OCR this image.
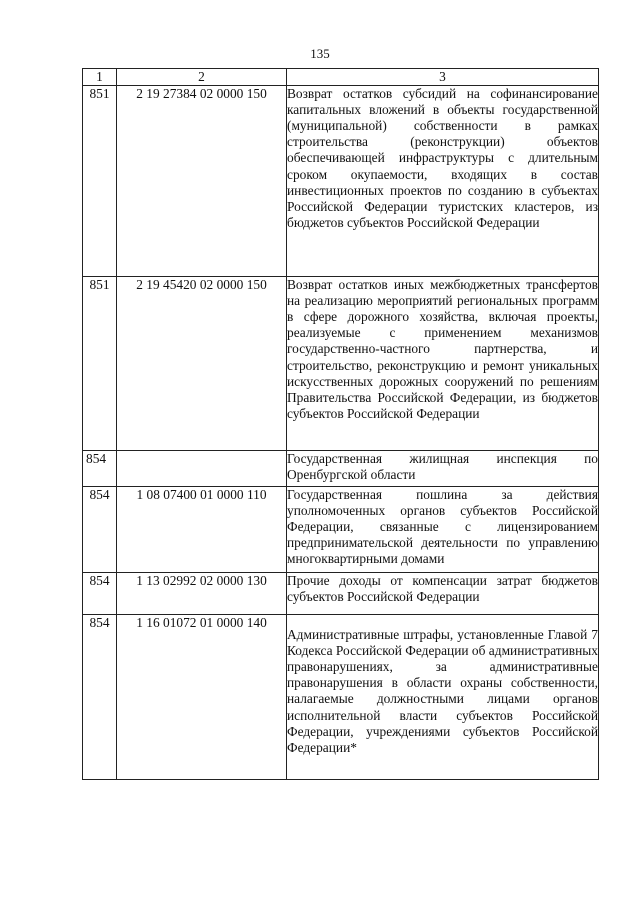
135
1	2	3
851	2 19 27384 02 0000 150	Возврат остатков субсидий на софинансирование капитальных вложений в объекты государственной (муниципальной) собственности в рамках строительства (реконструкции) объектов обеспечивающей инфраструктуры с длительным сроком окупаемости, входящих в состав инвестиционных проектов по созданию в субъектах Российской Федерации туристских кластеров, из бюджетов субъектов Российской Федерации

851	2 19 45420 02 0000 150	Возврат остатков иных межбюджетных трансфертов на реализацию мероприятий региональных программ в сфере дорожного хозяйства, включая проекты, реализуемые с применением механизмов государственно-частного партнерства, и строительство, реконструкцию и ремонт уникальных искусственных дорожных сооружений по решениям Правительства Российской Федерации, из бюджетов субъектов Российской Федерации

854		Государственная жилищная инспекция по Оренбургской области

854	1 08 07400 01 0000 110	Государственная пошлина за действия уполномоченных органов субъектов Российской Федерации, связанные с лицензированием предпринимательской деятельности по управлению многоквартирными домами

854	1 13 02992 02 0000 130	Прочие доходы от компенсации затрат бюджетов субъектов Российской Федерации

854	1 16 01072 01 0000 140	Административные штрафы, установленные Главой 7 Кодекса Российской Федерации об административных правонарушениях, за административные правонарушения в области охраны собственности, налагаемые должностными лицами органов исполнительной власти субъектов Российской Федерации, учреждениями субъектов Российской Федерации*
